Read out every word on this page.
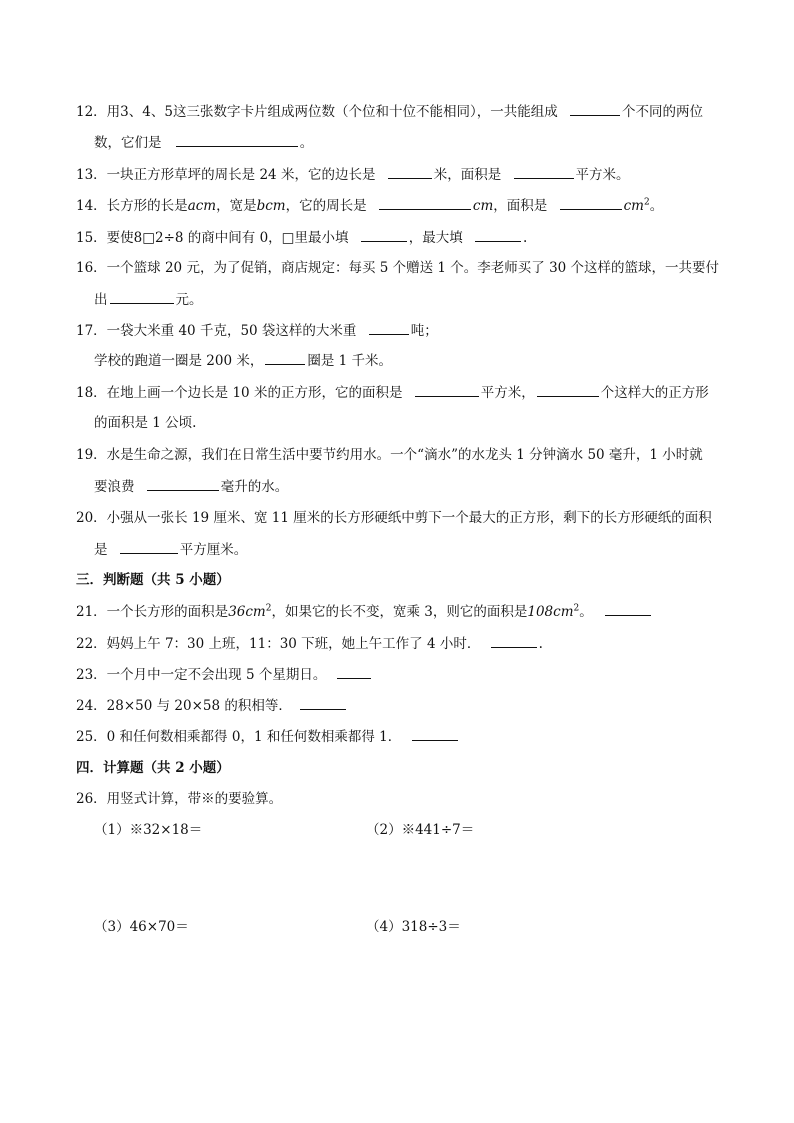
12．用3、4、5这三张数字卡片组成两位数（个位和十位不能相同），一共能组成	个不同的两位
数，它们是	。
13．一块正方形草坪的周长是 24 米，它的边长是	米，面积是	平方米。
14．长方形的长是acm，宽是bcm，它的周长是	cm，面积是	$cm^2$。
15．要使8□2÷8 的商中间有 0，□里最小填	，最大填	.
16．一个篮球 20 元，为了促销，商店规定：每买 5 个赠送 1 个。李老师买了 30 个这样的篮球，一共要付
出	元。
17．一袋大米重 40 千克，50 袋这样的大米重	吨；
学校的跑道一圈是 200 米，	圈是 1 千米。
18．在地上画一个边长是 10 米的正方形，它的面积是	平方米，	个这样大的正方形
的面积是 1 公顷.
19．水是生命之源，我们在日常生活中要节约用水。一个“滴水”的水龙头 1 分钟滴水 50 毫升，1 小时就
要浪费	毫升的水。
20．小强从一张长 19 厘米、宽 11 厘米的长方形硬纸中剪下一个最大的正方形，剩下的长方形硬纸的面积
是	平方厘米。
三．判断题（共 5 小题）
21．一个长方形的面积是$36cm^2$，如果它的长不变，宽乘 3，则它的面积是$108cm^2$。
22．妈妈上午 7：30 上班，11：30 下班，她上午工作了 4 小时．	.
23．一个月中一定不会出现 5 个星期日。
24．28×50 与 20×58 的积相等．
25．0 和任何数相乘都得 0，1 和任何数相乘都得 1．
四．计算题（共 2 小题）
26．用竖式计算，带※的要验算。
（1）※32×18＝	（2）※441÷7＝
（3）46×70＝	（4）318÷3＝
